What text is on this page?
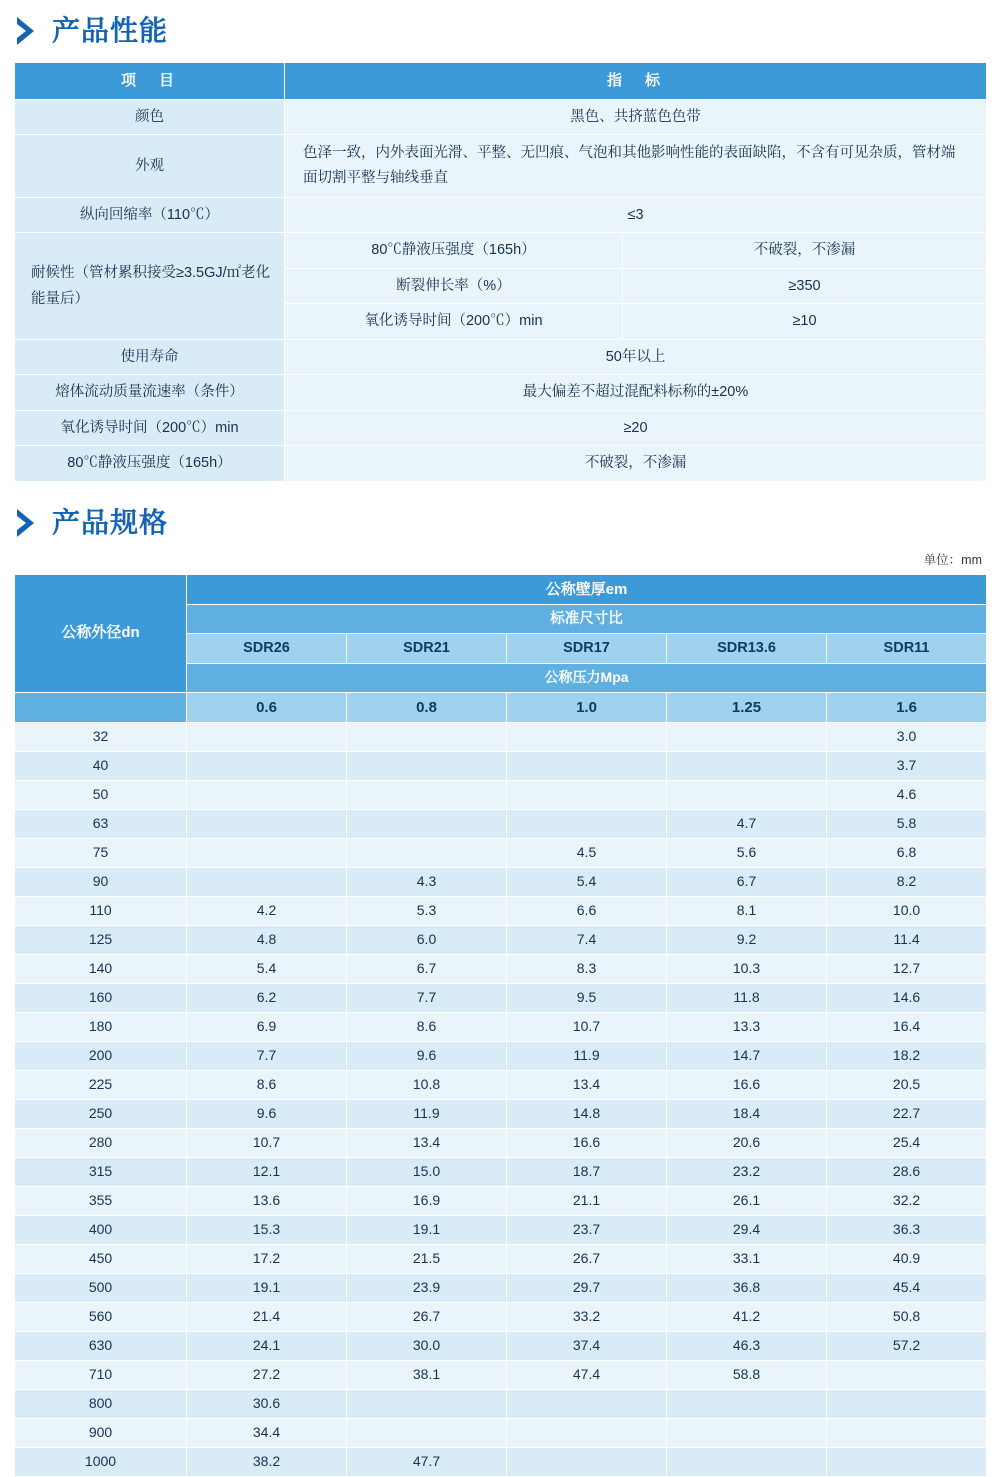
产品性能
项　目	指　标	
颜色	黑色、共挤蓝色色带	
外观	色泽一致，内外表面光滑、平整、无凹痕、气泡和其他影响性能的表面缺陷，不含有可见杂质，管材端面切割平整与轴线垂直	
纵向回缩率（110℃）	≤3	
耐候性（管材累积接受≥3.5GJ/㎡老化能量后）	80℃静液压强度（165h）	不破裂，不渗漏
	断裂伸长率（%）	≥350
	氧化诱导时间（200℃）min	≥10
使用寿命	50年以上	
熔体流动质量流速率（条件）	最大偏差不超过混配料标称的±20%	
氧化诱导时间（200℃）min	≥20	
80℃静液压强度（165h）	不破裂，不渗漏	
产品规格
单位：mm
公称外径dn	公称壁厚em				
	标准尺寸比				
	SDR26	SDR21	SDR17	SDR13.6	SDR11
	公称压力Mpa				
	0.6	0.8	1.0	1.25	1.6
32					3.0
40					3.7
50					4.6
63				4.7	5.8
75			4.5	5.6	6.8
90		4.3	5.4	6.7	8.2
110	4.2	5.3	6.6	8.1	10.0
125	4.8	6.0	7.4	9.2	11.4
140	5.4	6.7	8.3	10.3	12.7
160	6.2	7.7	9.5	11.8	14.6
180	6.9	8.6	10.7	13.3	16.4
200	7.7	9.6	11.9	14.7	18.2
225	8.6	10.8	13.4	16.6	20.5
250	9.6	11.9	14.8	18.4	22.7
280	10.7	13.4	16.6	20.6	25.4
315	12.1	15.0	18.7	23.2	28.6
355	13.6	16.9	21.1	26.1	32.2
400	15.3	19.1	23.7	29.4	36.3
450	17.2	21.5	26.7	33.1	40.9
500	19.1	23.9	29.7	36.8	45.4
560	21.4	26.7	33.2	41.2	50.8
630	24.1	30.0	37.4	46.3	57.2
710	27.2	38.1	47.4	58.8	
800	30.6				
900	34.4				
1000	38.2	47.7			
